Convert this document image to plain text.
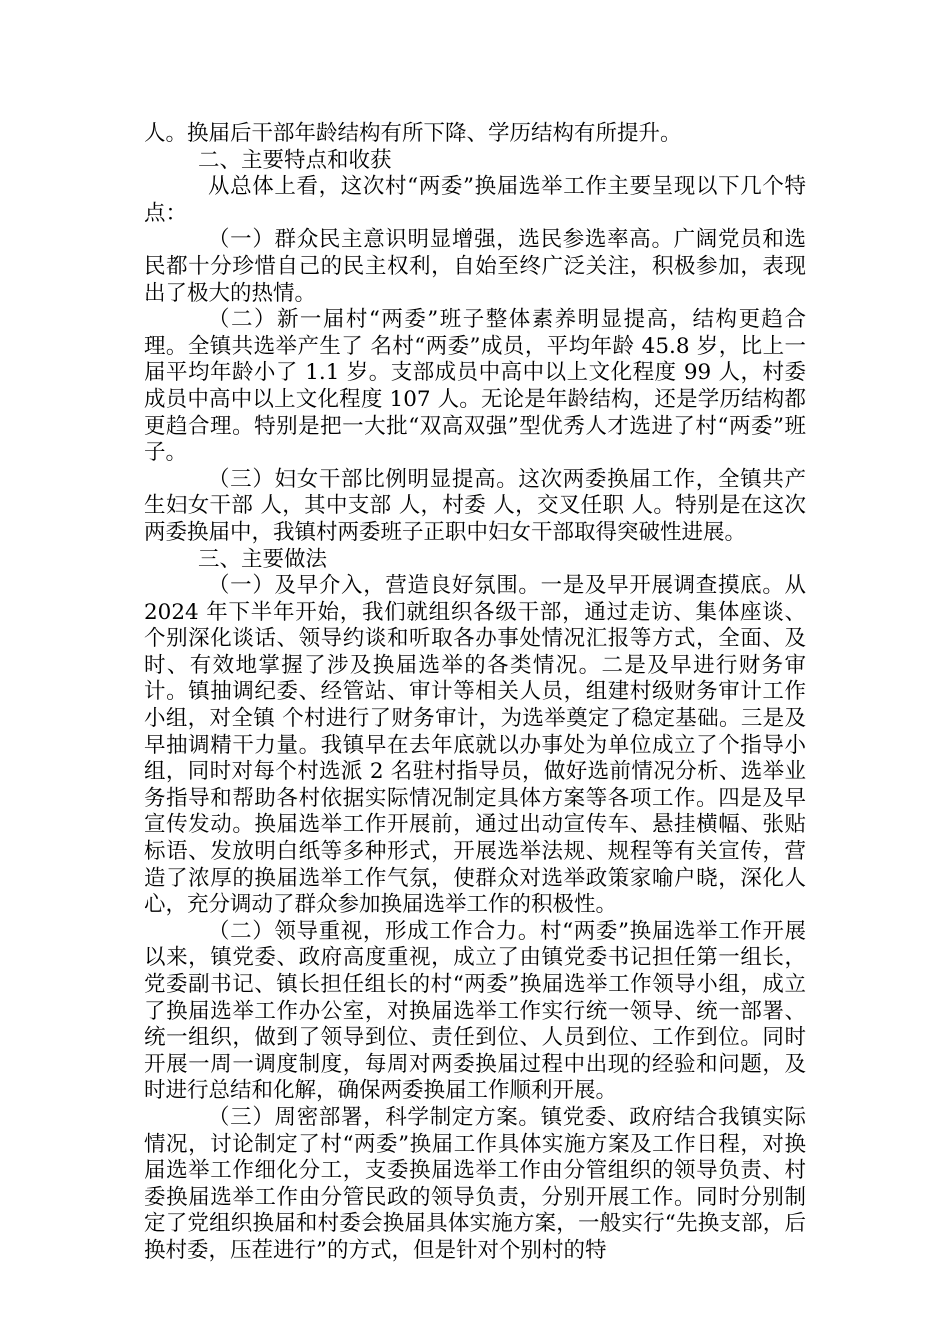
人。换届后干部年龄结构有所下降、学历结构有所提升。

二、主要特点和收获

从总体上看，这次村“两委”换届选举工作主要呈现以下几个特点：

（一）群众民主意识明显增强，选民参选率高。广阔党员和选民都十分珍惜自己的民主权利，自始至终广泛关注，积极参加，表现出了极大的热情。

（二）新一届村“两委”班子整体素养明显提高，结构更趋合理。全镇共选举产生了 名村“两委”成员，平均年龄 45.8 岁，比上一届平均年龄小了 1.1 岁。支部成员中高中以上文化程度 99 人，村委成员中高中以上文化程度 107 人。无论是年龄结构，还是学历结构都更趋合理。特别是把一大批“双高双强”型优秀人才选进了村“两委”班子。

（三）妇女干部比例明显提高。这次两委换届工作，全镇共产生妇女干部 人，其中支部 人，村委 人，交叉任职 人。特别是在这次两委换届中，我镇村两委班子正职中妇女干部取得突破性进展。

三、主要做法

（一）及早介入，营造良好氛围。一是及早开展调查摸底。从 2024 年下半年开始，我们就组织各级干部，通过走访、集体座谈、个别深化谈话、领导约谈和听取各办事处情况汇报等方式，全面、及时、有效地掌握了涉及换届选举的各类情况。二是及早进行财务审计。镇抽调纪委、经管站、审计等相关人员，组建村级财务审计工作小组，对全镇 个村进行了财务审计，为选举奠定了稳定基础。三是及早抽调精干力量。我镇早在去年底就以办事处为单位成立了个指导小组，同时对每个村选派 2 名驻村指导员，做好选前情况分析、选举业务指导和帮助各村依据实际情况制定具体方案等各项工作。四是及早宣传发动。换届选举工作开展前，通过出动宣传车、悬挂横幅、张贴标语、发放明白纸等多种形式，开展选举法规、规程等有关宣传，营造了浓厚的换届选举工作气氛，使群众对选举政策家喻户晓，深化人心，充分调动了群众参加换届选举工作的积极性。

（二）领导重视，形成工作合力。村“两委”换届选举工作开展以来，镇党委、政府高度重视，成立了由镇党委书记担任第一组长，党委副书记、镇长担任组长的村“两委”换届选举工作领导小组，成立了换届选举工作办公室，对换届选举工作实行统一领导、统一部署、统一组织，做到了领导到位、责任到位、人员到位、工作到位。同时开展一周一调度制度，每周对两委换届过程中出现的经验和问题，及时进行总结和化解，确保两委换届工作顺利开展。

（三）周密部署，科学制定方案。镇党委、政府结合我镇实际情况，讨论制定了村“两委”换届工作具体实施方案及工作日程，对换届选举工作细化分工，支委换届选举工作由分管组织的领导负责、村委换届选举工作由分管民政的领导负责，分别开展工作。同时分别制定了党组织换届和村委会换届具体实施方案，一般实行“先换支部，后换村委，压茬进行”的方式，但是针对个别村的特
